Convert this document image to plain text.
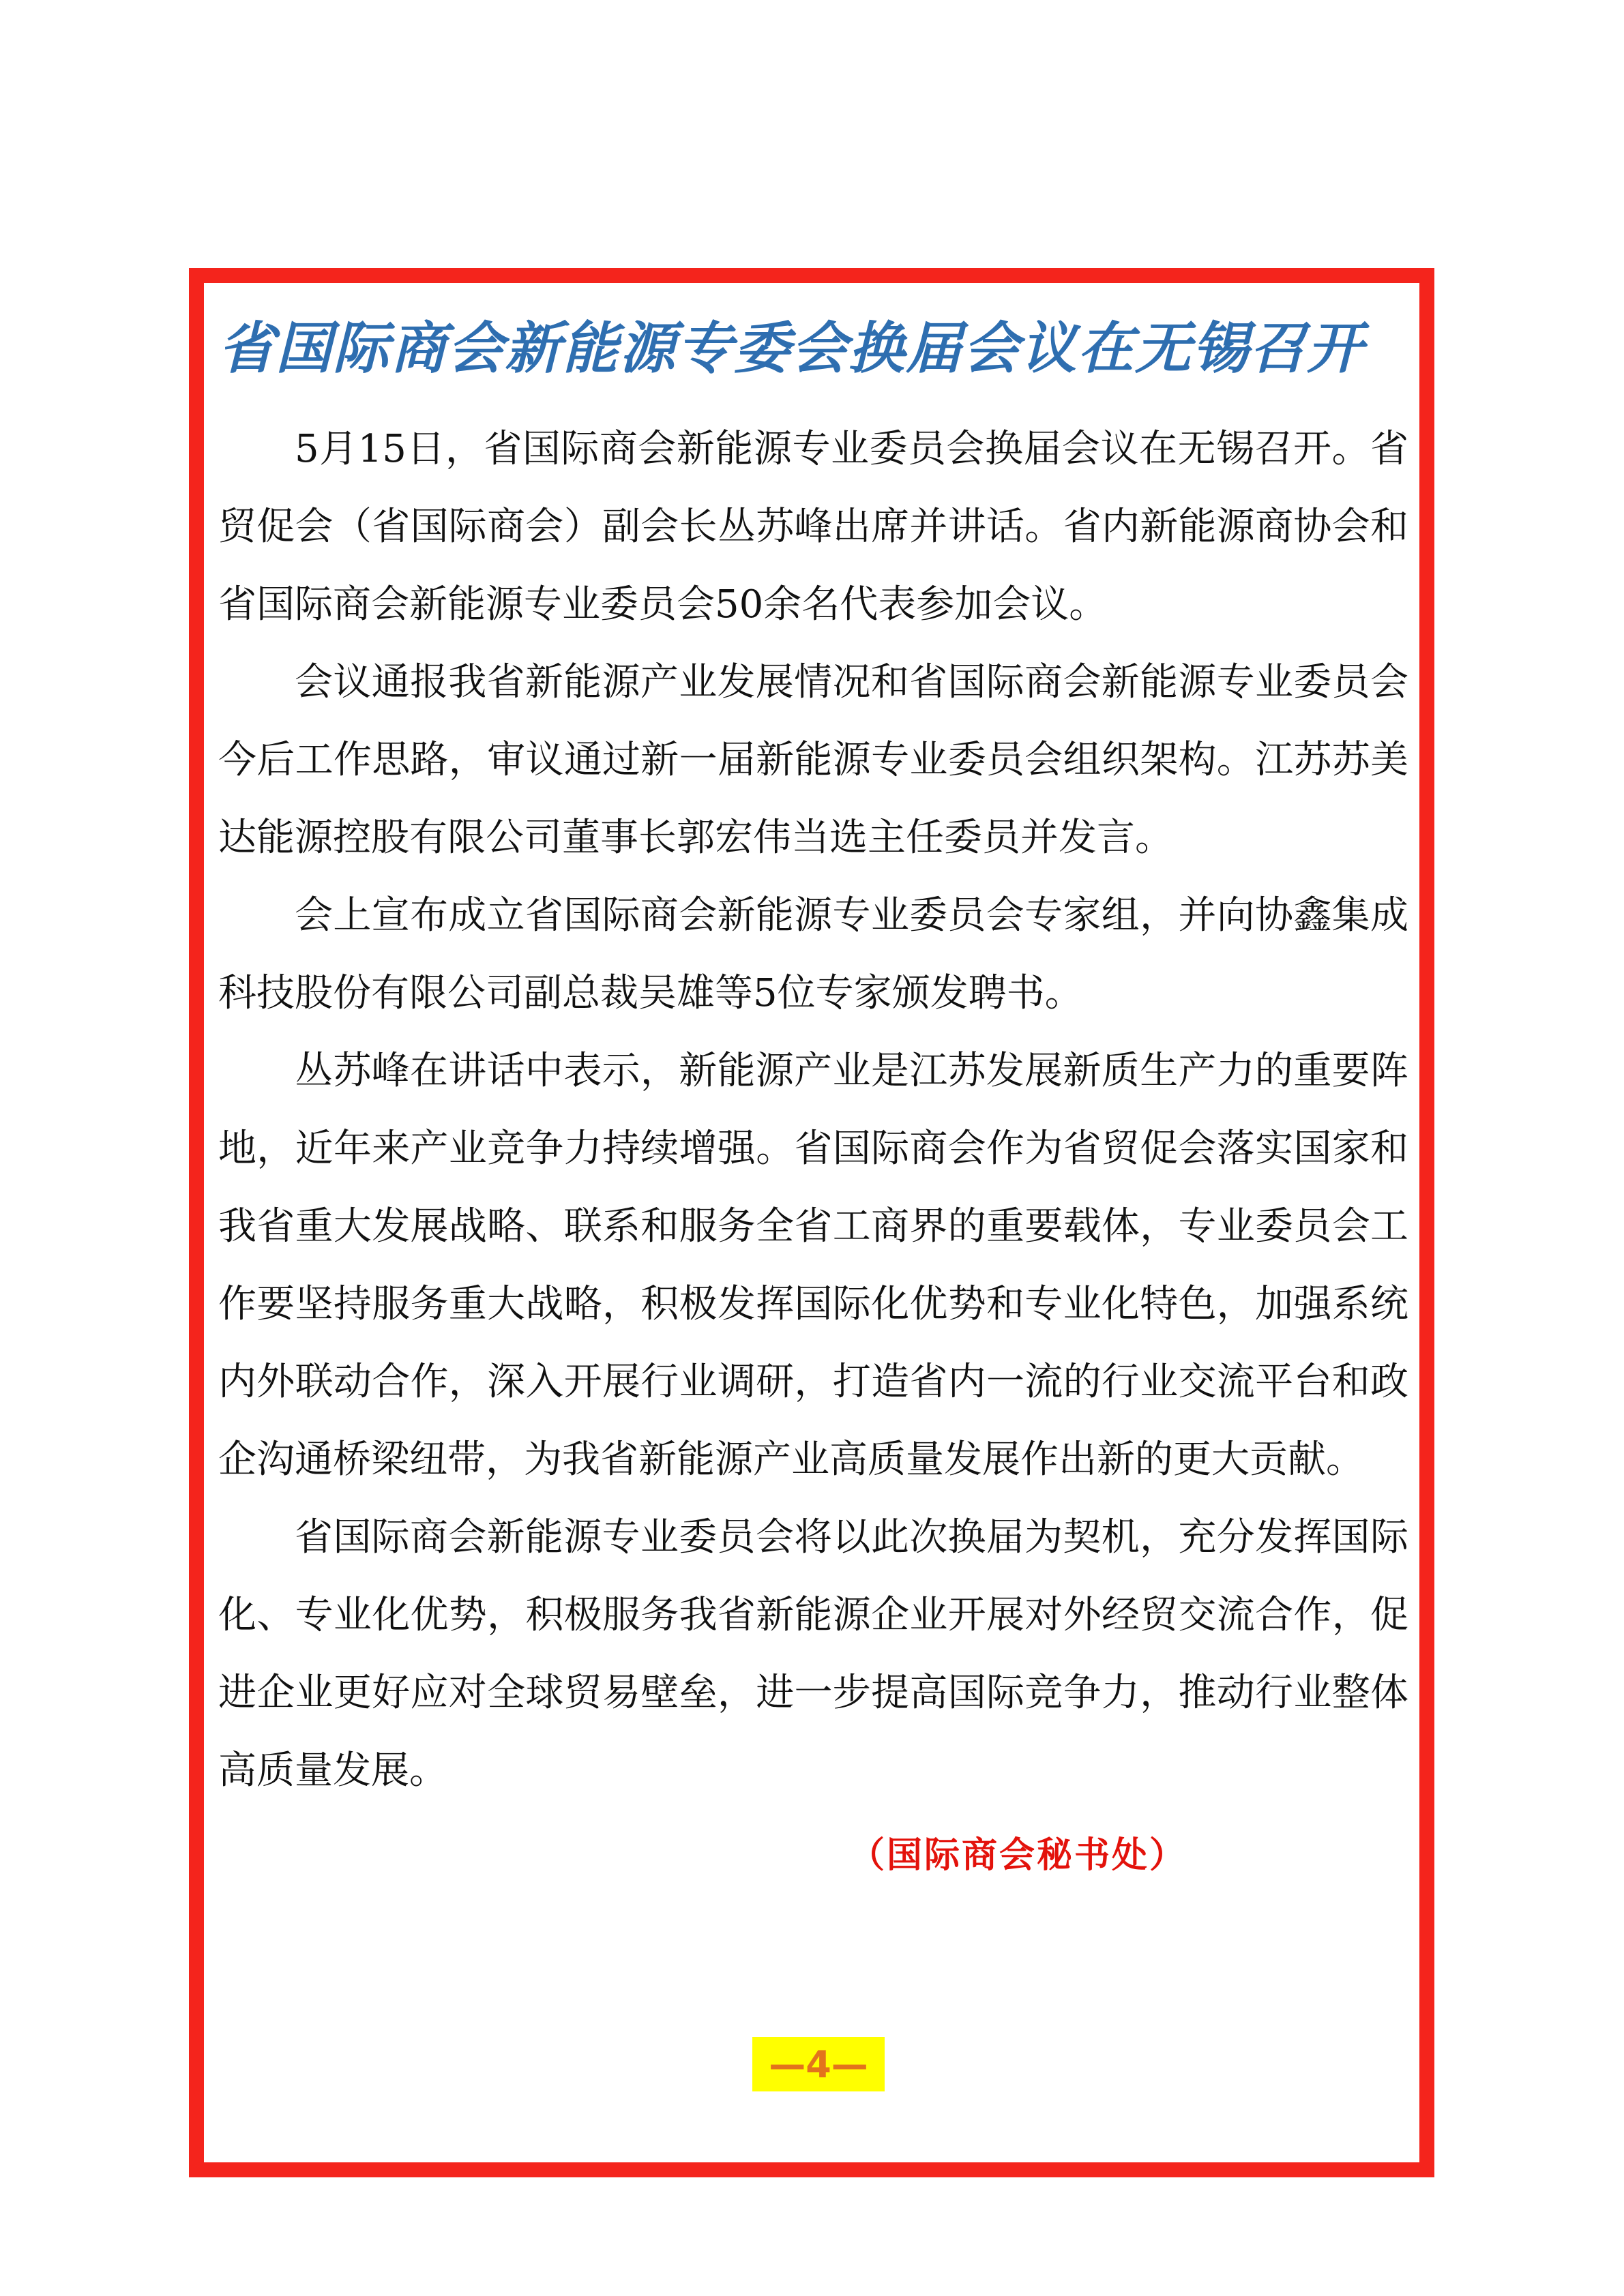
省国际商会新能源专委会换届会议在无锡召开

5月15日，省国际商会新能源专业委员会换届会议在无锡召开。省贸促会（省国际商会）副会长丛苏峰出席并讲话。省内新能源商协会和省国际商会新能源专业委员会50余名代表参加会议。

会议通报我省新能源产业发展情况和省国际商会新能源专业委员会今后工作思路，审议通过新一届新能源专业委员会组织架构。江苏苏美达能源控股有限公司董事长郭宏伟当选主任委员并发言。

会上宣布成立省国际商会新能源专业委员会专家组，并向协鑫集成科技股份有限公司副总裁吴雄等5位专家颁发聘书。

丛苏峰在讲话中表示，新能源产业是江苏发展新质生产力的重要阵地，近年来产业竞争力持续增强。省国际商会作为省贸促会落实国家和我省重大发展战略、联系和服务全省工商界的重要载体，专业委员会工作要坚持服务重大战略，积极发挥国际化优势和专业化特色，加强系统内外联动合作，深入开展行业调研，打造省内一流的行业交流平台和政企沟通桥梁纽带，为我省新能源产业高质量发展作出新的更大贡献。

省国际商会新能源专业委员会将以此次换届为契机，充分发挥国际化、专业化优势，积极服务我省新能源企业开展对外经贸交流合作，促进企业更好应对全球贸易壁垒，进一步提高国际竞争力，推动行业整体高质量发展。

（国际商会秘书处）
—4—
